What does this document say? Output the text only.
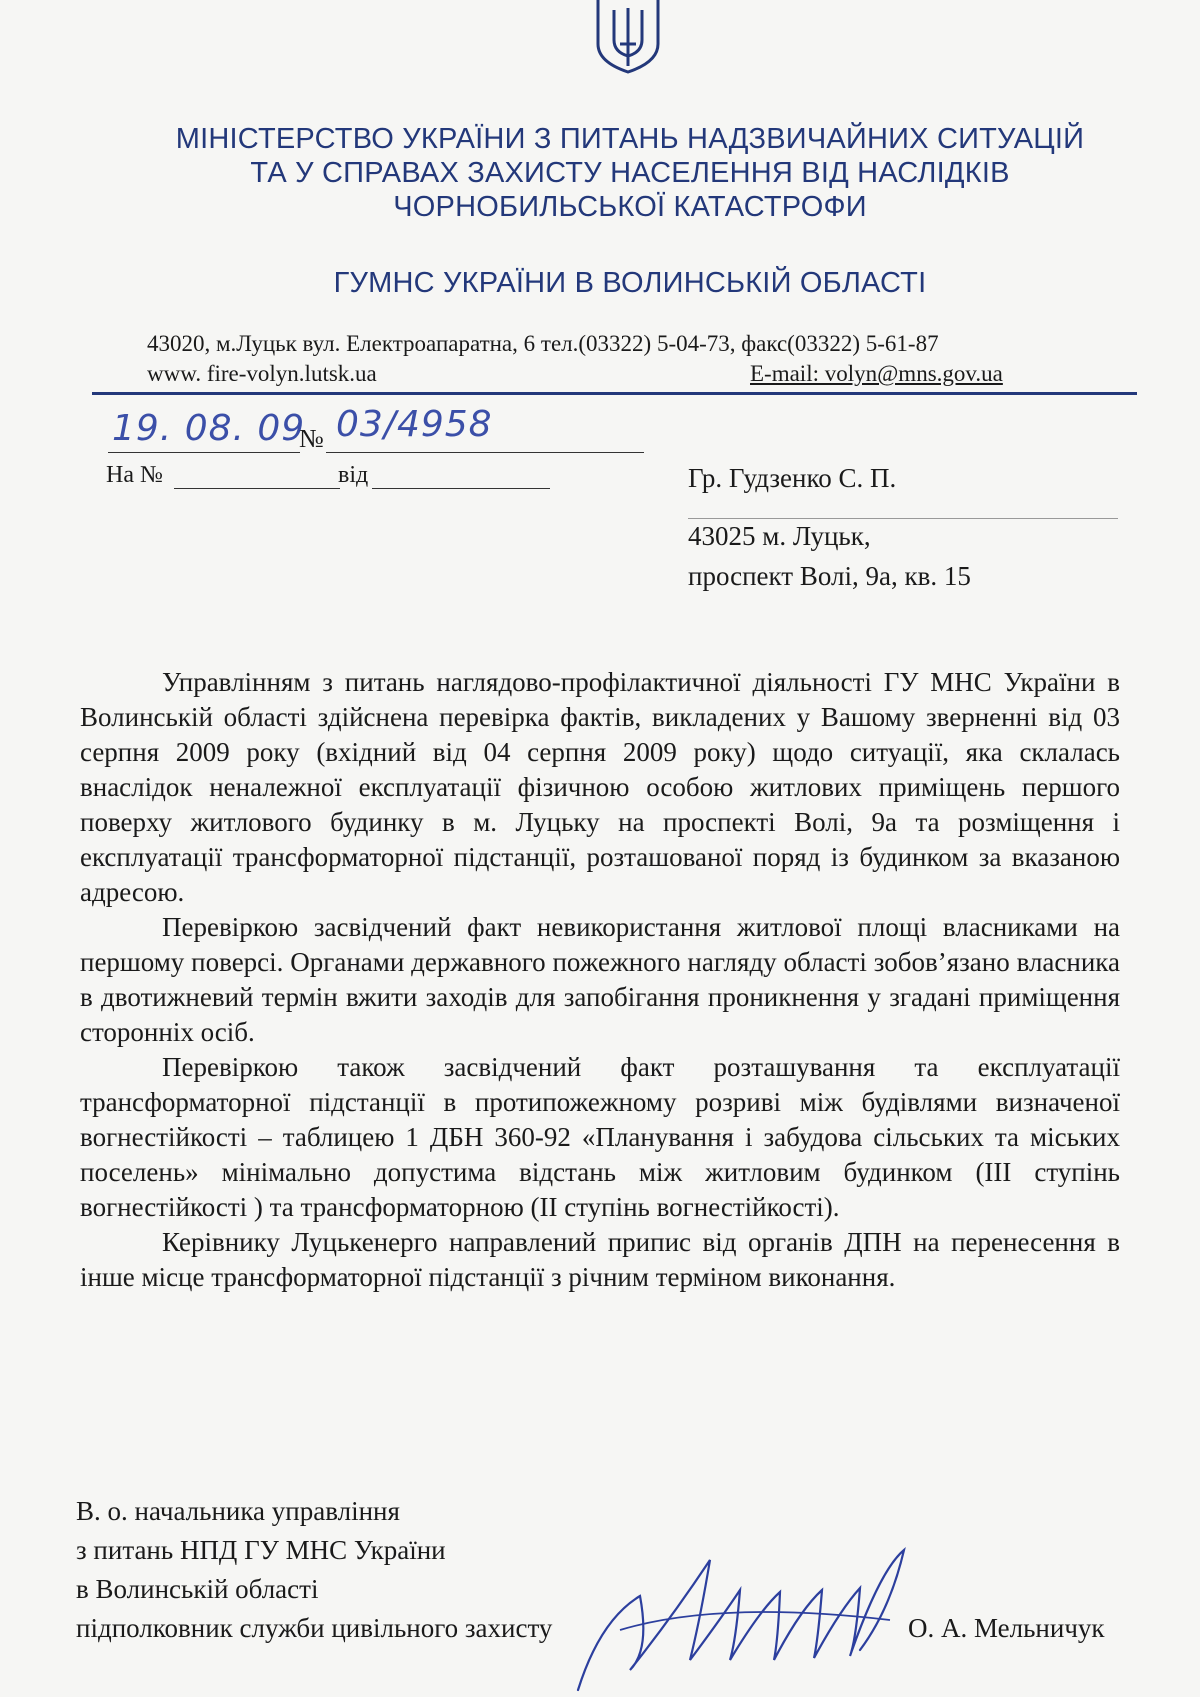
МІНІСТЕРСТВО УКРАЇНИ З ПИТАНЬ НАДЗВИЧАЙНИХ СИТУАЦІЙ
ТА У СПРАВАХ ЗАХИСТУ НАСЕЛЕННЯ ВІД НАСЛІДКІВ
ЧОРНОБИЛЬСЬКОЇ КАТАСТРОФИ
ГУМНС УКРАЇНИ В ВОЛИНСЬКІЙ ОБЛАСТІ
43020, м.Луцьк вул. Електроапаратна, 6 тел.(03322) 5-04-73, факс(03322) 5-61-87
www. fire-volyn.lutsk.ua	E-mail: volyn@mns.gov.ua
19. 08. 09
№ 03/4958
На №	від	Гр. Гудзенко С. П.
43025 м. Луцьк,
проспект Волі, 9а, кв. 15

Управлінням з питань наглядово-профілактичної діяльності ГУ МНС України в Волинській області здійснена перевірка фактів, викладених у Вашому зверненні від 03 серпня 2009 року (вхідний від 04 серпня 2009 року) щодо ситуації, яка склалась внаслідок неналежної експлуатації фізичною особою житлових приміщень першого поверху житлового будинку в м. Луцьку на проспекті Волі, 9а та розміщення і експлуатації трансформаторної підстанції, розташованої поряд із будинком за вказаною адресою.

Перевіркою засвідчений факт невикористання житлової площі власниками на першому поверсі. Органами державного пожежного нагляду області зобов’язано власника в двотижневий термін вжити заходів для запобігання проникнення у згадані приміщення сторонніх осіб.

Перевіркою також засвідчений факт розташування та експлуатації трансформаторної підстанції в протипожежному розриві між будівлями визначеної вогнестійкості – таблицею 1 ДБН 360-92 «Планування і забудова сільських та міських поселень» мінімально допустима відстань між житловим будинком (ІІІ ступінь вогнестійкості ) та трансформаторною (ІІ ступінь вогнестійкості).

Керівнику Луцькенерго направлений припис від органів ДПН на перенесення в інше місце трансформаторної підстанції з річним терміном виконання.

В. о. начальника управління
з питань НПД ГУ МНС України
в Волинській області
підполковник служби цивільного захисту	О. А. Мельничук
